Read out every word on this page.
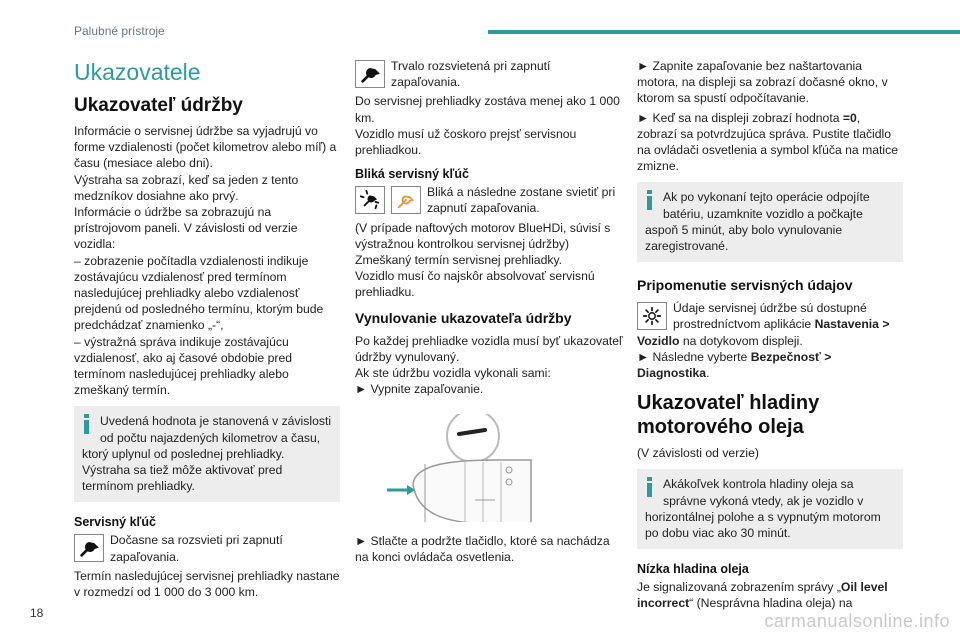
Palubné prístroje
Ukazovatele
Ukazovateľ údržby

Informácie o servisnej údržbe sa vyjadrujú vo forme vzdialenosti (počet kilometrov alebo míľ) a času (mesiace alebo dni).
Výstraha sa zobrazí, keď sa jeden z tento medzníkov dosiahne ako prvý.
Informácie o údržbe sa zobrazujú na prístrojovom paneli. V závislosti od verzie vozidla:
– zobrazenie počítadla vzdialenosti indikuje zostávajúcu vzdialenosť pred termínom nasledujúcej prehliadky alebo vzdialenosť prejdenú od posledného termínu, ktorým bude predchádzať znamienko „-“,
– výstražná správa indikuje zostávajúcu vzdialenosť, ako aj časové obdobie pred termínom nasledujúcej prehliadky alebo zmeškaný termín.

Uvedená hodnota je stanovená v závislosti od počtu najazdených kilometrov a času, ktorý uplynul od poslednej prehliadky.
Výstraha sa tiež môže aktivovať pred termínom prehliadky.

Servisný kľúč

Dočasne sa rozsvieti pri zapnutí zapaľovania.

Termín nasledujúcej servisnej prehliadky nastane v rozmedzí od 1 000 do 3 000 km.

Trvalo rozsvietená pri zapnutí zapaľovania.

Do servisnej prehliadky zostáva menej ako 1 000 km.
Vozidlo musí už čoskoro prejsť servisnou prehliadkou.

Bliká servisný kľúč

Bliká a následne zostane svietiť pri zapnutí zapaľovania.

(V prípade naftových motorov BlueHDi, súvisí s výstražnou kontrolkou servisnej údržby)
Zmeškaný termín servisnej prehliadky.
Vozidlo musí čo najskôr absolvovať servisnú prehliadku.

Vynulovanie ukazovateľa údržby

Po každej prehliadke vozidla musí byť ukazovateľ údržby vynulovaný.
Ak ste údržbu vozidla vykonali sami:
► Vypnite zapaľovanie.

► Stlačte a podržte tlačidlo, ktoré sa nachádza na konci ovládača osvetlenia.

► Zapnite zapaľovanie bez naštartovania motora, na displeji sa zobrazí dočasné okno, v ktorom sa spustí odpočítavanie.

► Keď sa na displeji zobrazí hodnota =0, zobrazí sa potvrdzujúca správa. Pustite tlačidlo na ovládači osvetlenia a symbol kľúča na matice zmizne.

Ak po vykonaní tejto operácie odpojíte batériu, uzamknite vozidlo a počkajte aspoň 5 minút, aby bolo vynulovanie zaregistrované.

Pripomenutie servisných údajov

Údaje servisnej údržbe sú dostupné prostredníctvom aplikácie Nastavenia > Vozidlo na dotykovom displeji.

► Následne vyberte Bezpečnosť > Diagnostika.

Ukazovateľ hladiny motorového oleja

(V závislosti od verzie)

Akákoľvek kontrola hladiny oleja sa správne vykoná vtedy, ak je vozidlo v horizontálnej polohe a s vypnutým motorom po dobu viac ako 30 minút.

Nízka hladina oleja

Je signalizovaná zobrazením správy „Oil level incorrect“ (Nesprávna hladina oleja) na

18	carmanualsonline.info
